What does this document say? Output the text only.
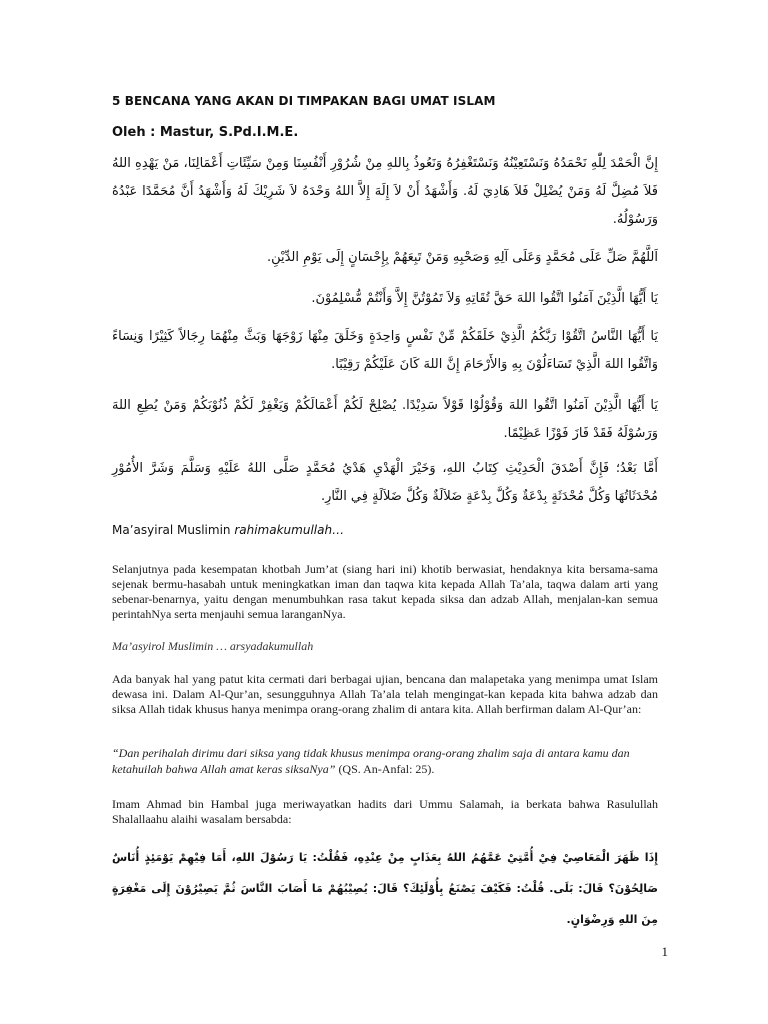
5 BENCANA YANG AKAN DI TIMPAKAN BAGI UMAT ISLAM
Oleh : Mastur, S.Pd.I.M.E.
إِنَّ الْحَمْدَ لِلّٰهِ نَحْمَدُهُ وَنَسْتَعِيْنُهُ وَنَسْتَغْفِرُهُ وَنَعُوذُ بِاللهِ مِنْ شُرُوْرِ أَنْفُسِنَا وَمِنْ سَيِّئَاتِ أَعْمَالِنَا، مَنْ يَهْدِهِ اللهُ فَلاَ مُضِلَّ لَهُ وَمَنْ يُضْلِلْ فَلاَ هَادِيَ لَهُ. وَأَشْهَدُ أَنْ لاَ إِلَهَ إِلاَّ اللهُ وَحْدَهُ لاَ شَرِيْكَ لَهُ وَأَشْهَدُ أَنَّ مُحَمَّدًا عَبْدُهُ وَرَسُوْلُهُ.
اَللَّهُمَّ صَلِّ عَلَى مُحَمَّدٍ وَعَلَى آلِهِ وَصَحْبِهِ وَمَنْ تَبِعَهُمْ بِإِحْسَانٍ إِلَى يَوْمِ الدِّيْنِ.
يَا أَيُّهَا الَّذِيْنَ آمَنُوا اتَّقُوا اللهَ حَقَّ تُقَاتِهِ وَلاَ تَمُوْتُنَّ إِلاَّ وَأَنْتُمْ مُّسْلِمُوْنَ.
يَا أَيُّهَا النَّاسُ اتَّقُوْا رَبَّكُمُ الَّذِيْ خَلَقَكُمْ مِّنْ نَفْسٍ وَاحِدَةٍ وَخَلَقَ مِنْهَا زَوْجَهَا وَبَثَّ مِنْهُمَا رِجَالاً كَثِيْرًا وَنِسَاءً وَاتَّقُوا اللهَ الَّذِيْ تَسَاءَلُوْنَ بِهِ وَالأَرْحَامَ إِنَّ اللهَ كَانَ عَلَيْكُمْ رَقِيْبًا.
يَا أَيُّهَا الَّذِيْنَ آمَنُوا اتَّقُوا اللهَ وَقُوْلُوْا قَوْلاً سَدِيْدًا. يُصْلِحْ لَكُمْ أَعْمَالَكُمْ وَيَغْفِرْ لَكُمْ ذُنُوْبَكُمْ وَمَنْ يُطِعِ اللهَ وَرَسُوْلَهُ فَقَدْ فَازَ فَوْزًا عَظِيْمًا.
أَمَّا بَعْدُ؛ فَإِنَّ أَصْدَقَ الْحَدِيْثِ كِتَابُ اللهِ، وَخَيْرَ الْهَدْيِ هَدْيُ مُحَمَّدٍ صَلَّى اللهُ عَلَيْهِ وَسَلَّمَ وَشَرَّ الأُمُوْرِ مُحْدَثَاتُهَا وَكُلَّ مُحْدَثَةٍ بِدْعَةٌ وَكُلَّ بِدْعَةٍ ضَلاَلَةٌ وَكُلَّ ضَلاَلَةٍ فِي النَّارِ.
Ma’asyiral Muslimin rahimakumullah…
Selanjutnya pada kesempatan khotbah Jum’at (siang hari ini) khotib berwasiat, hendaknya kita bersama-sama sejenak bermu-hasabah untuk meningkatkan iman dan taqwa kita kepada Allah Ta’ala, taqwa dalam arti yang sebenar-benarnya, yaitu dengan menumbuhkan rasa takut kepada siksa dan adzab Allah, menjalan-kan semua perintahNya serta menjauhi semua laranganNya.
Ma’asyirol Muslimin … arsyadakumullah
Ada banyak hal yang patut kita cermati dari berbagai ujian, bencana dan malapetaka yang menimpa umat Islam dewasa ini. Dalam Al-Qur’an, sesungguhnya Allah Ta’ala telah mengingat-kan kepada kita bahwa adzab dan siksa Allah tidak khusus hanya menimpa orang-orang zhalim di antara kita. Allah berfirman dalam Al-Qur’an:
“Dan perihalah dirimu dari siksa yang tidak khusus menimpa orang-orang zhalim saja di antara kamu dan ketahuilah bahwa Allah amat keras siksaNya” (QS. An-Anfal: 25).
Imam Ahmad bin Hambal juga meriwayatkan hadits dari Ummu Salamah, ia berkata bahwa Rasulullah Shalallaahu alaihi wasalam bersabda:
إِذَا ظَهَرَ الْمَعَاصِيْ فِيْ أُمَّتِيْ عَمَّهُمُ اللهُ بِعَذَابٍ مِنْ عِنْدِهِ، فَقُلْتُ: يَا رَسُوْلَ اللهِ، أَمَا فِيْهِمْ يَوْمَئِذٍ أُنَاسٌ صَالِحُوْنَ؟ قَالَ: بَلَى. قُلْتُ: فَكَيْفَ يَصْنَعُ بِأُوْلَئِكَ؟ قَالَ: يُصِيْبُهُمْ مَا أَصَابَ النَّاسَ ثُمَّ يَصِيْرُوْنَ إِلَى مَغْفِرَةٍ مِنَ اللهِ وَرِضْوَانٍ.
1
